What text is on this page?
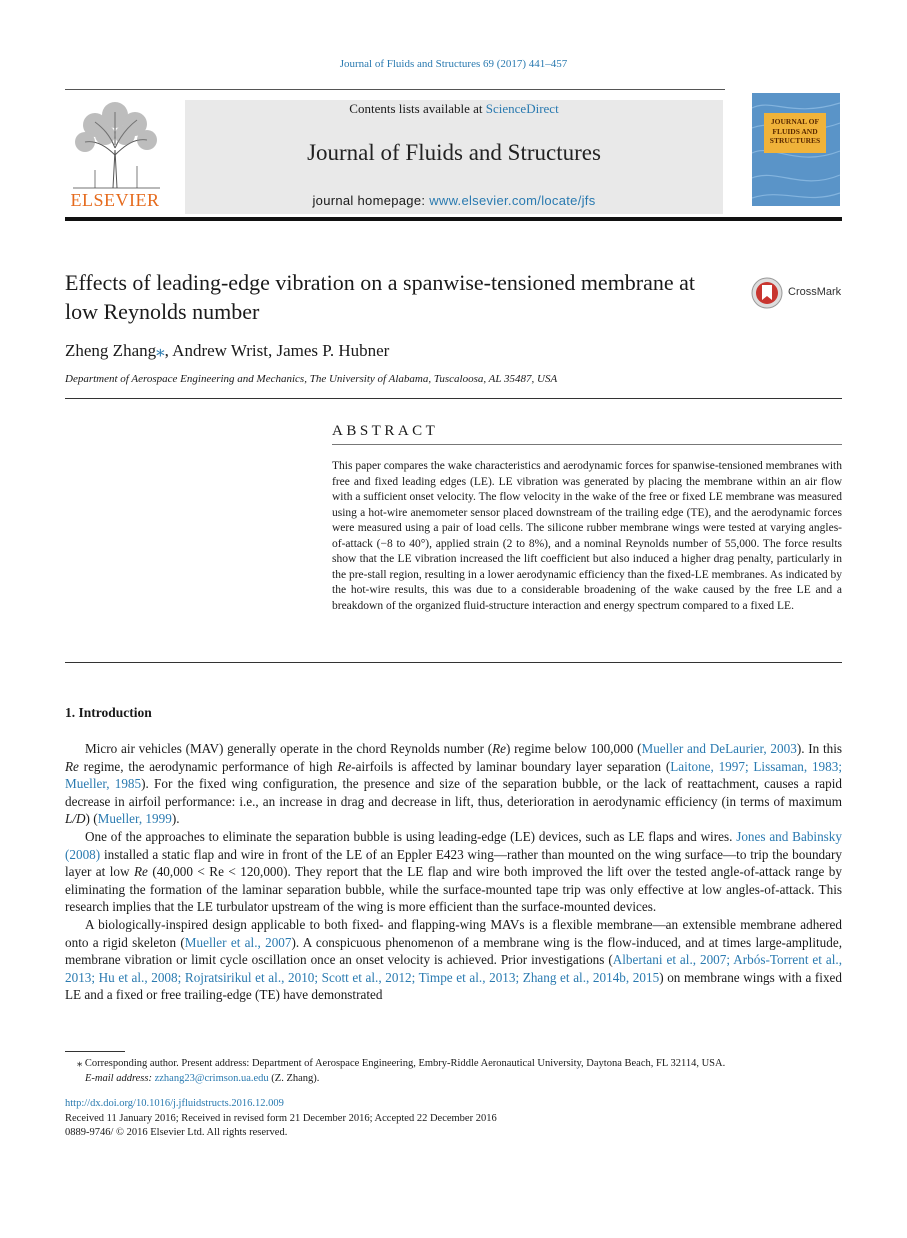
Journal of Fluids and Structures 69 (2017) 441–457
ELSEVIER
Contents lists available at ScienceDirect
Journal of Fluids and Structures
journal homepage: www.elsevier.com/locate/jfs
JOURNAL OF FLUIDS AND STRUCTURES
Effects of leading-edge vibration on a spanwise-tensioned membrane at low Reynolds number
CrossMark
Zheng Zhang⁎, Andrew Wrist, James P. Hubner
Department of Aerospace Engineering and Mechanics, The University of Alabama, Tuscaloosa, AL 35487, USA
ABSTRACT
This paper compares the wake characteristics and aerodynamic forces for spanwise-tensioned membranes with free and fixed leading edges (LE). LE vibration was generated by placing the membrane within an air flow with a sufficient onset velocity. The flow velocity in the wake of the free or fixed LE membrane was measured using a hot-wire anemometer sensor placed downstream of the trailing edge (TE), and the aerodynamic forces were measured using a pair of load cells. The silicone rubber membrane wings were tested at varying angles-of-attack (−8 to 40°), applied strain (2 to 8%), and a nominal Reynolds number of 55,000. The force results show that the LE vibration increased the lift coefficient but also induced a higher drag penalty, particularly in the pre-stall region, resulting in a lower aerodynamic efficiency than the fixed-LE membranes. As indicated by the hot-wire results, this was due to a considerable broadening of the wake caused by the free LE and a breakdown of the organized fluid-structure interaction and energy spectrum compared to a fixed LE.
1. Introduction

Micro air vehicles (MAV) generally operate in the chord Reynolds number (Re) regime below 100,000 (Mueller and DeLaurier, 2003). In this Re regime, the aerodynamic performance of high Re-airfoils is affected by laminar boundary layer separation (Laitone, 1997; Lissaman, 1983; Mueller, 1985). For the fixed wing configuration, the presence and size of the separation bubble, or the lack of reattachment, causes a rapid decrease in airfoil performance: i.e., an increase in drag and decrease in lift, thus, deterioration in aerodynamic efficiency (in terms of maximum L/D) (Mueller, 1999).

One of the approaches to eliminate the separation bubble is using leading-edge (LE) devices, such as LE flaps and wires. Jones and Babinsky (2008) installed a static flap and wire in front of the LE of an Eppler E423 wing—rather than mounted on the wing surface—to trip the boundary layer at low Re (40,000 < Re < 120,000). They report that the LE flap and wire both improved the lift over the tested angle-of-attack range by eliminating the formation of the laminar separation bubble, while the surface-mounted tape trip was only effective at low angles-of-attack. This research implies that the LE turbulator upstream of the wing is more efficient than the surface-mounted devices.

A biologically-inspired design applicable to both fixed- and flapping-wing MAVs is a flexible membrane—an extensible membrane adhered onto a rigid skeleton (Mueller et al., 2007). A conspicuous phenomenon of a membrane wing is the flow-induced, and at times large-amplitude, membrane vibration or limit cycle oscillation once an onset velocity is achieved. Prior investigations (Albertani et al., 2007; Arbós-Torrent et al., 2013; Hu et al., 2008; Rojratsirikul et al., 2010; Scott et al., 2012; Timpe et al., 2013; Zhang et al., 2014b, 2015) on membrane wings with a fixed LE and a fixed or free trailing-edge (TE) have demonstrated

⁎ Corresponding author. Present address: Department of Aerospace Engineering, Embry-Riddle Aeronautical University, Daytona Beach, FL 32114, USA.
E-mail address: zzhang23@crimson.ua.edu (Z. Zhang).
http://dx.doi.org/10.1016/j.jfluidstructs.2016.12.009
Received 11 January 2016; Received in revised form 21 December 2016; Accepted 22 December 2016
0889-9746/ © 2016 Elsevier Ltd. All rights reserved.
